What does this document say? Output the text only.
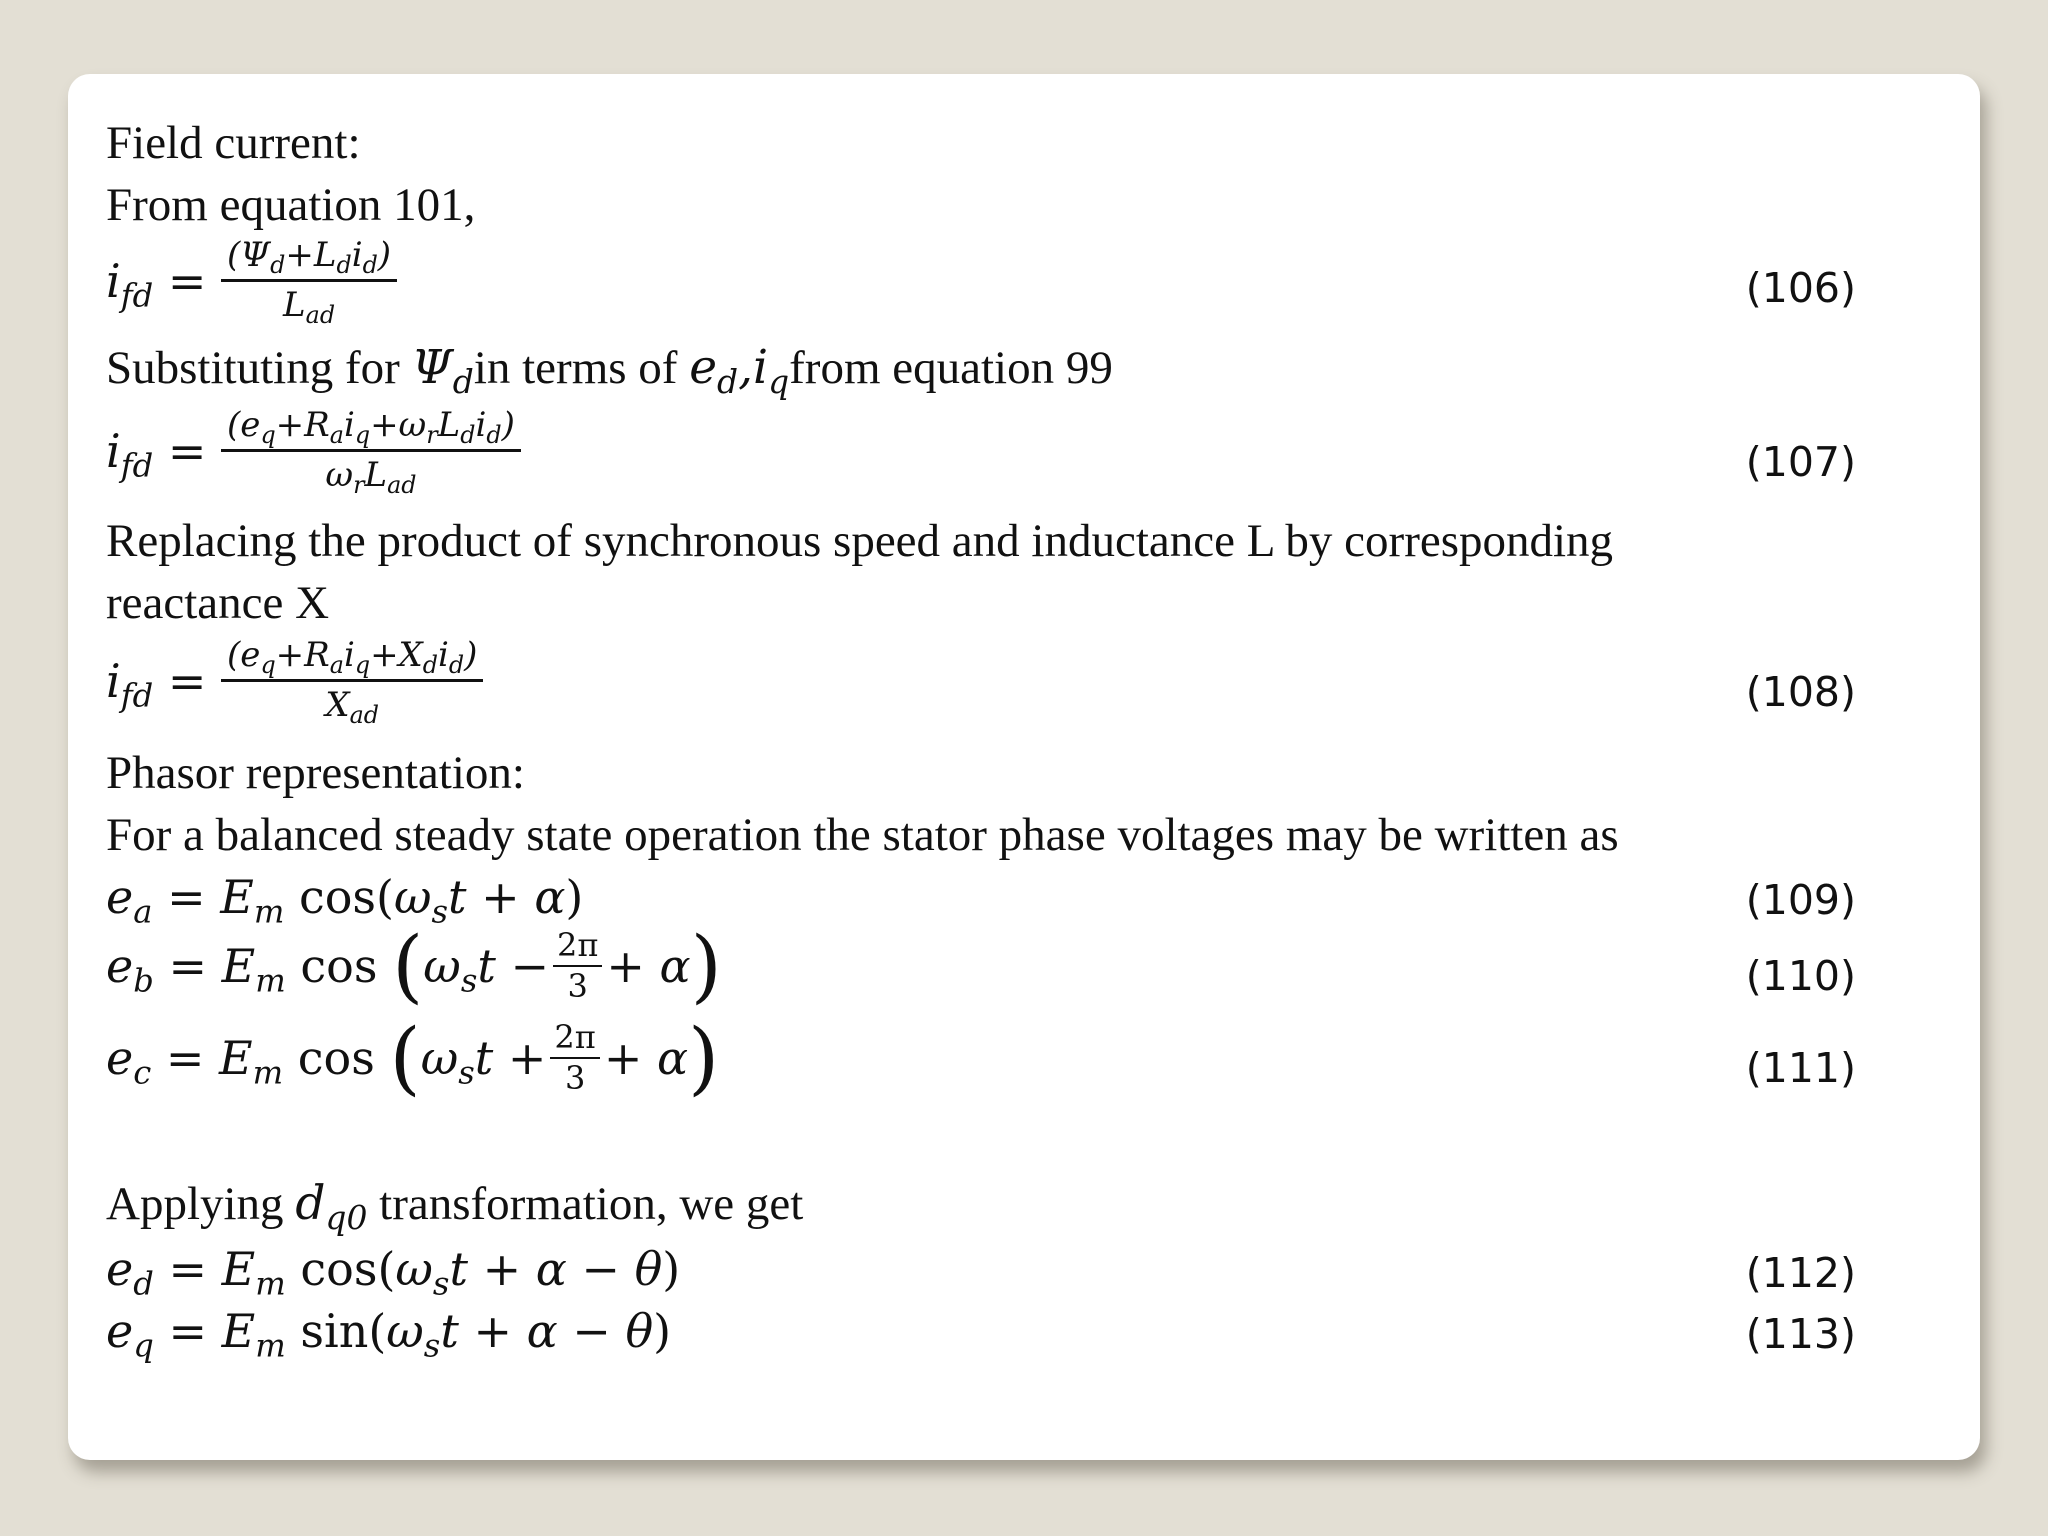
Field current:
From equation 101,
$i_{fd} = \frac{(\Psi_d+L_di_d)}{L_{ad}}$	(106)
Substituting for $\Psi_din$ terms of $e_d,i_qfrom$ equation 99
$i_{fd} = \frac{(e_q+R_ai_q+\omega_rL_di_d)}{\omega_rL_{ad}}$	(107)
Replacing the product of synchronous speed and inductance L by corresponding
reactance X
$i_{fd} = \frac{(e_q+R_ai_q+X_di_d)}{X_{ad}}$	(108)
Phasor representation:
For a balanced steady state operation the stator phase voltages may be written as
$e_a = E_m$ $\cos(\omega_st + \alpha)$	(109)
$e_b = E_m$ $\cos (\omega_st - \frac{2\pi}{3} + \alpha)$	(110)
$e_c = E_m$ $\cos (\omega_st + \frac{2\pi}{3} + \alpha)$	(111)
Applying $d_{q0}$ transformation, we get
$e_d = E_m$ $\cos(\omega_st + \alpha - \theta)$	(112)
$e_q = E_m$ $\sin(\omega_st + \alpha - \theta)$	(113)
